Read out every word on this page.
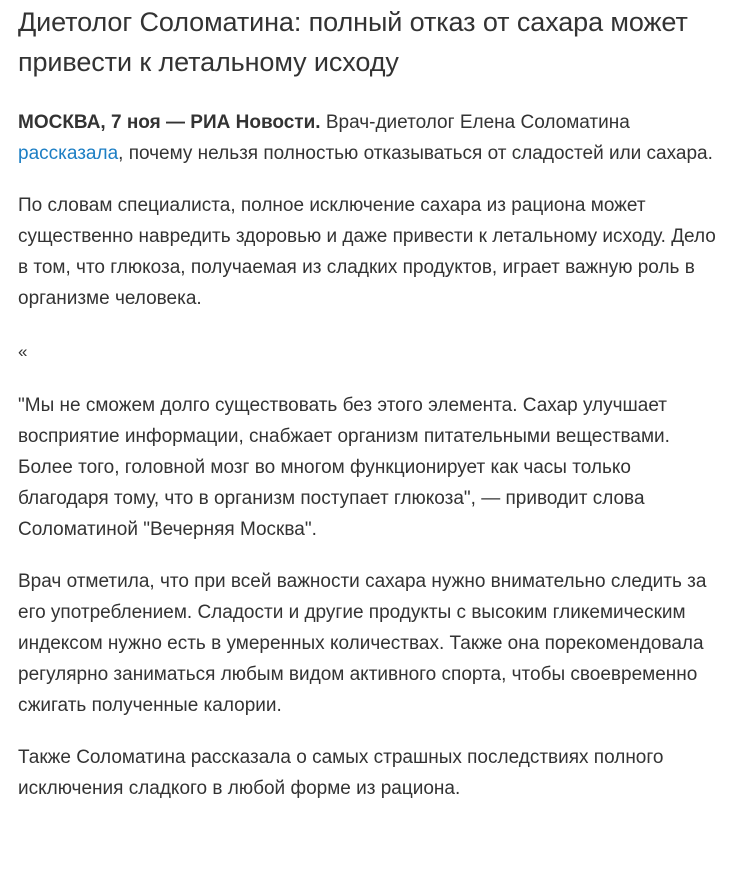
Диетолог Соломатина: полный отказ от сахара может привести к летальному исходу

МОСКВА, 7 ноя — РИА Новости. Врач-диетолог Елена Соломатина рассказала, почему нельзя полностью отказываться от сладостей или сахара.

По словам специалиста, полное исключение сахара из рациона может существенно навредить здоровью и даже привести к летальному исходу. Дело в том, что глюкоза, получаемая из сладких продуктов, играет важную роль в организме человека.

«

"Мы не сможем долго существовать без этого элемента. Сахар улучшает восприятие информации, снабжает организм питательными веществами. Более того, головной мозг во многом функционирует как часы только благодаря тому, что в организм поступает глюкоза", — приводит слова Соломатиной "Вечерняя Москва".

Врач отметила, что при всей важности сахара нужно внимательно следить за его употреблением. Сладости и другие продукты с высоким гликемическим индексом нужно есть в умеренных количествах. Также она порекомендовала регулярно заниматься любым видом активного спорта, чтобы своевременно сжигать полученные калории.

Также Соломатина рассказала о самых страшных последствиях полного исключения сладкого в любой форме из рациона.
